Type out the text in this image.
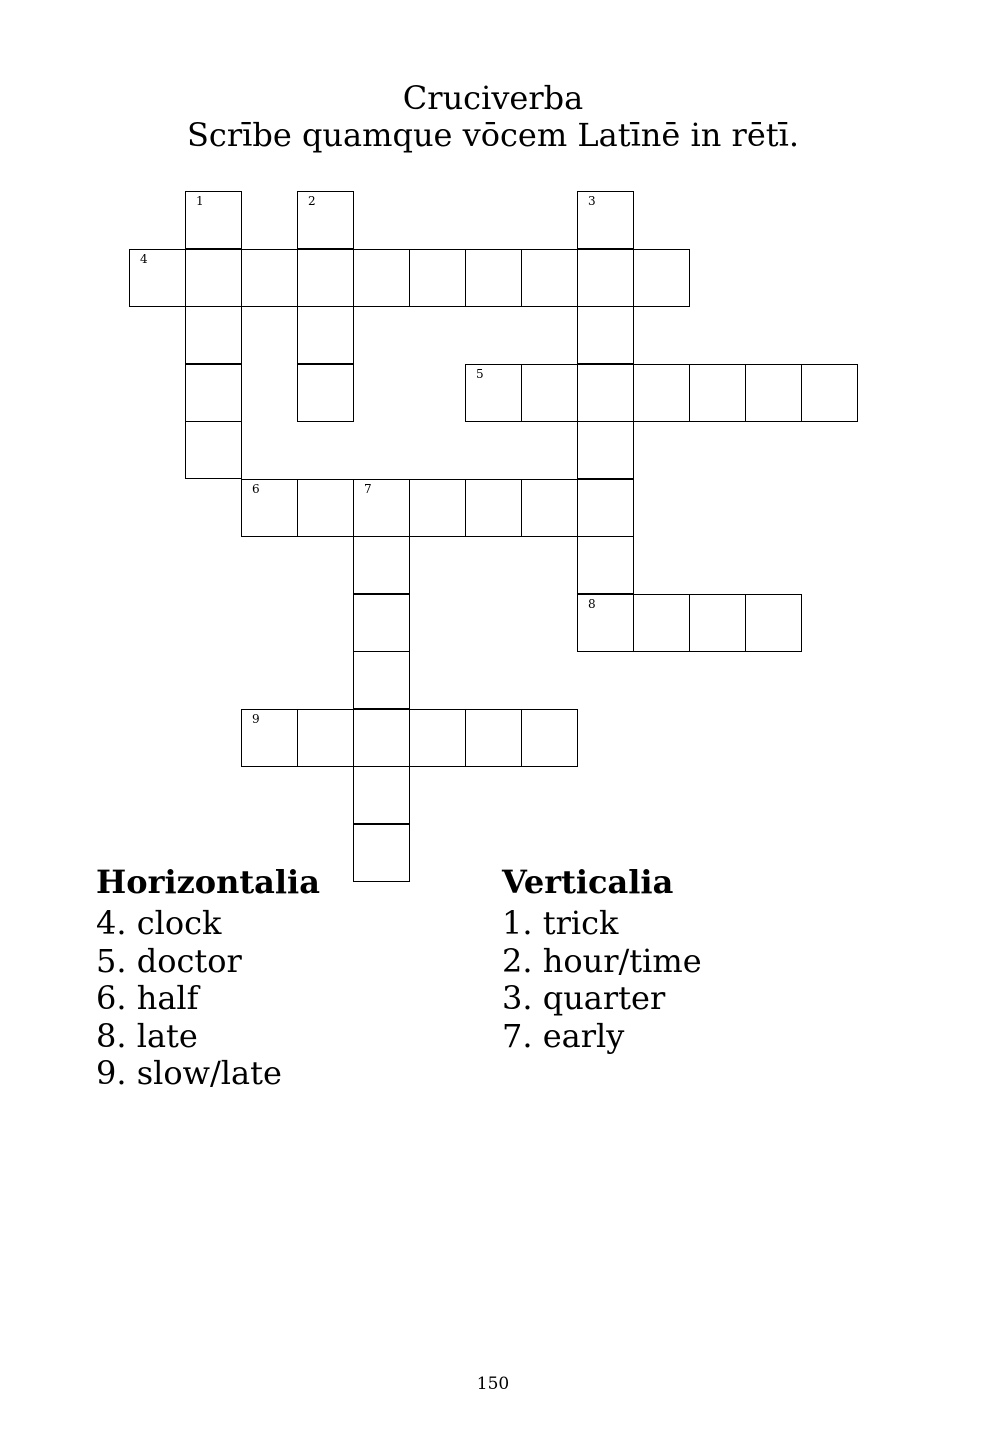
Cruciverba
Scrībe quamque vōcem Latīnē in rētī.
1	2	3
8
4
5
6	7
9
Horizontalia
4. clock
5. doctor
6. half
8. late
9. slow/late
Verticalia
1. trick
2. hour/time
3. quarter
7. early
150
